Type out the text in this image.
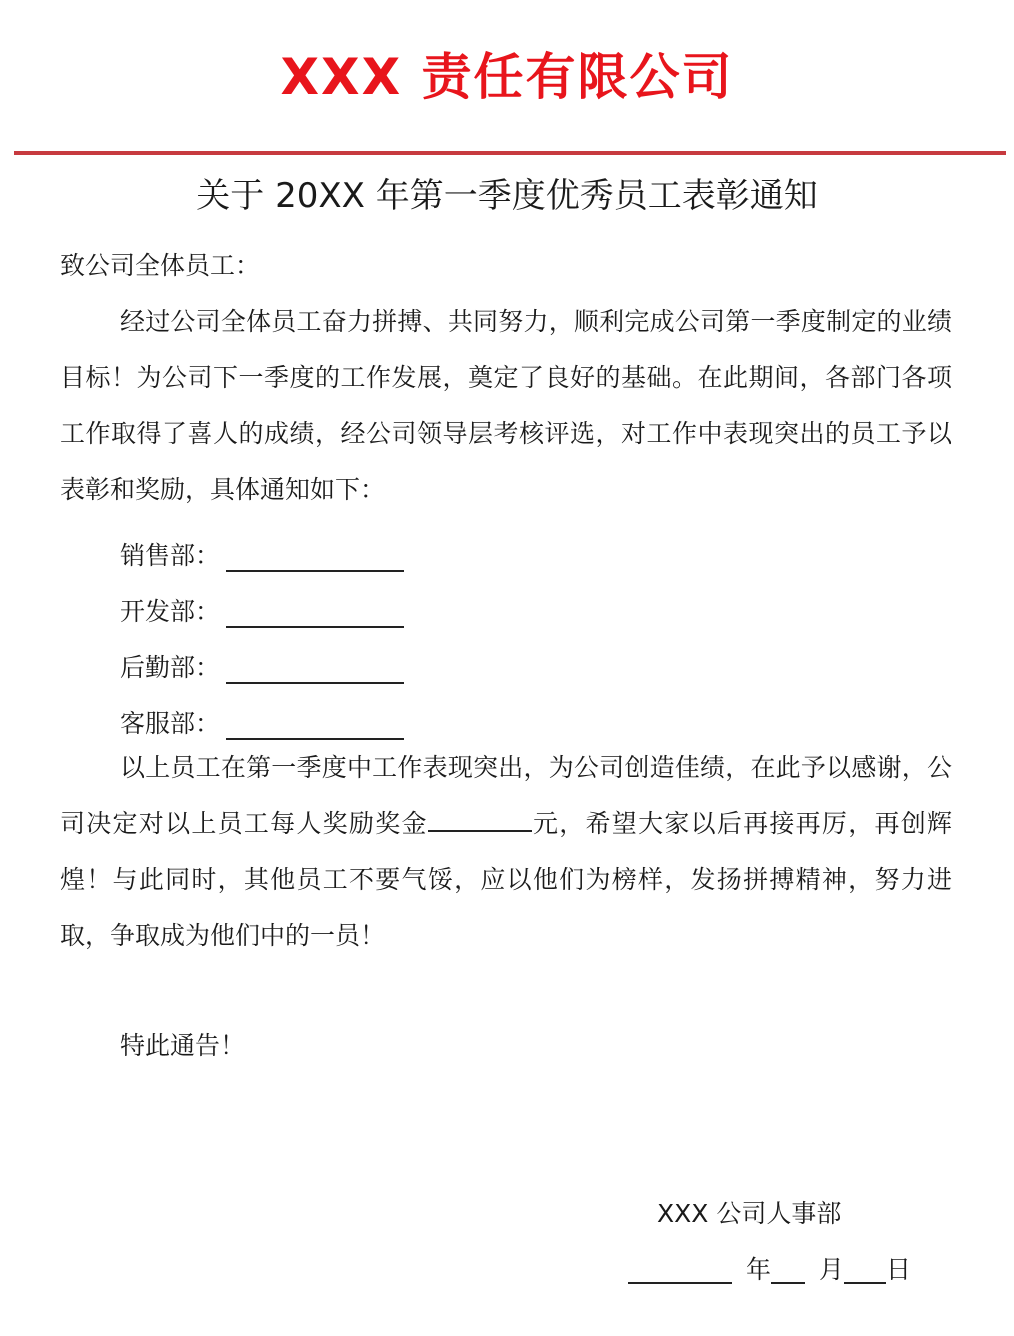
XXX 责任有限公司
关于 20XX 年第一季度优秀员工表彰通知
致公司全体员工：
经过公司全体员工奋力拼搏、共同努力，顺利完成公司第一季度制定的业绩目标！为公司下一季度的工作发展，奠定了良好的基础。在此期间，各部门各项工作取得了喜人的成绩，经公司领导层考核评选，对工作中表现突出的员工予以表彰和奖励，具体通知如下：
销售部：
开发部：
后勤部：
客服部：
以上员工在第一季度中工作表现突出，为公司创造佳绩，在此予以感谢，公司决定对以上员工每人奖励奖金	元，希望大家以后再接再厉，再创辉煌！与此同时，其他员工不要气馁，应以他们为榜样，发扬拼搏精神，努力进取，争取成为他们中的一员！
特此通告！
XXX 公司人事部
年 月 日
